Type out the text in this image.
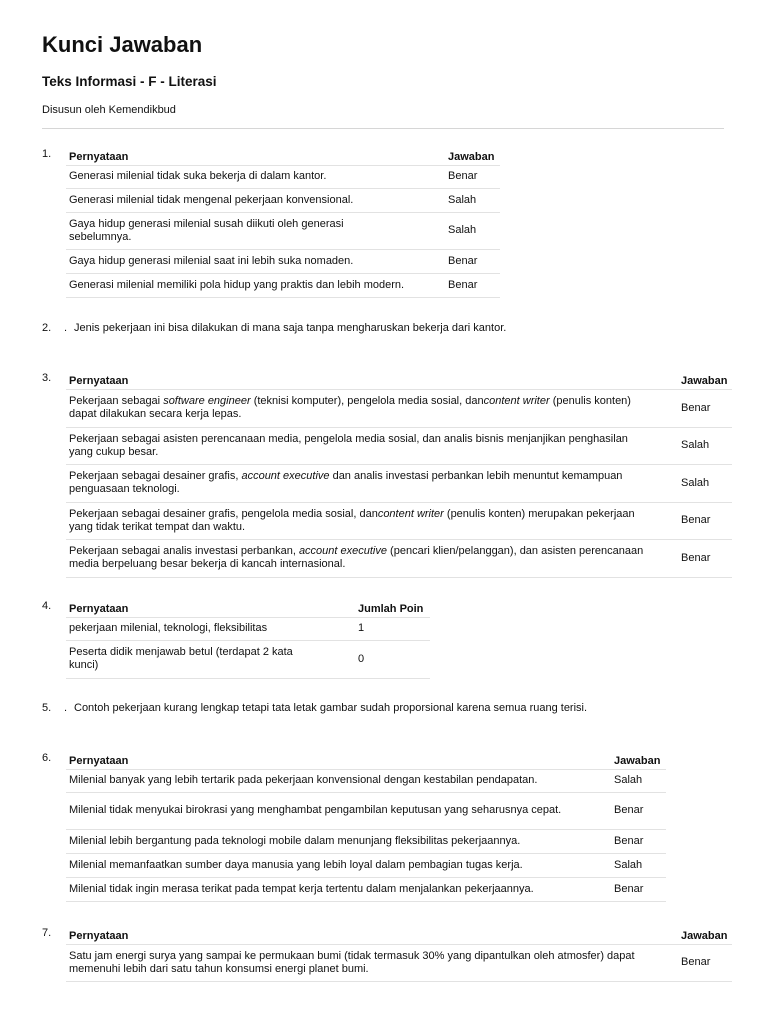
Kunci Jawaban
Teks Informasi - F - Literasi
Disusun oleh Kemendikbud
1. Pernyataan	Jawaban
Generasi milenial tidak suka bekerja di dalam kantor.	Benar
Generasi milenial tidak mengenal pekerjaan konvensional.	Salah
Gaya hidup generasi milenial susah diikuti oleh generasi sebelumnya.	Salah
Gaya hidup generasi milenial saat ini lebih suka nomaden.	Benar
Generasi milenial memiliki pola hidup yang praktis dan lebih modern.	Benar
2. . Jenis pekerjaan ini bisa dilakukan di mana saja tanpa mengharuskan bekerja dari kantor.
3. Pernyataan	Jawaban
Pekerjaan sebagai software engineer (teknisi komputer), pengelola media sosial, dancontent writer (penulis konten) dapat dilakukan secara kerja lepas.	Benar
Pekerjaan sebagai asisten perencanaan media, pengelola media sosial, dan analis bisnis menjanjikan penghasilan yang cukup besar.	Salah
Pekerjaan sebagai desainer grafis, account executive dan analis investasi perbankan lebih menuntut kemampuan penguasaan teknologi.	Salah
Pekerjaan sebagai desainer grafis, pengelola media sosial, dancontent writer (penulis konten) merupakan pekerjaan yang tidak terikat tempat dan waktu.	Benar
Pekerjaan sebagai analis investasi perbankan, account executive (pencari klien/pelanggan), dan asisten perencanaan media berpeluang besar bekerja di kancah internasional.	Benar
4. Pernyataan	Jumlah Poin
pekerjaan milenial, teknologi, fleksibilitas	1
Peserta didik menjawab betul (terdapat 2 kata kunci)	0
5. . Contoh pekerjaan kurang lengkap tetapi tata letak gambar sudah proporsional karena semua ruang terisi.
6. Pernyataan	Jawaban
Milenial banyak yang lebih tertarik pada pekerjaan konvensional dengan kestabilan pendapatan.	Salah
Milenial tidak menyukai birokrasi yang menghambat pengambilan keputusan yang seharusnya cepat.	Benar
Milenial lebih bergantung pada teknologi mobile dalam menunjang fleksibilitas pekerjaannya.	Benar
Milenial memanfaatkan sumber daya manusia yang lebih loyal dalam pembagian tugas kerja.	Salah
Milenial tidak ingin merasa terikat pada tempat kerja tertentu dalam menjalankan pekerjaannya.	Benar
7. Pernyataan	Jawaban
Satu jam energi surya yang sampai ke permukaan bumi (tidak termasuk 30% yang dipantulkan oleh atmosfer) dapat memenuhi lebih dari satu tahun konsumsi energi planet bumi.	Benar
